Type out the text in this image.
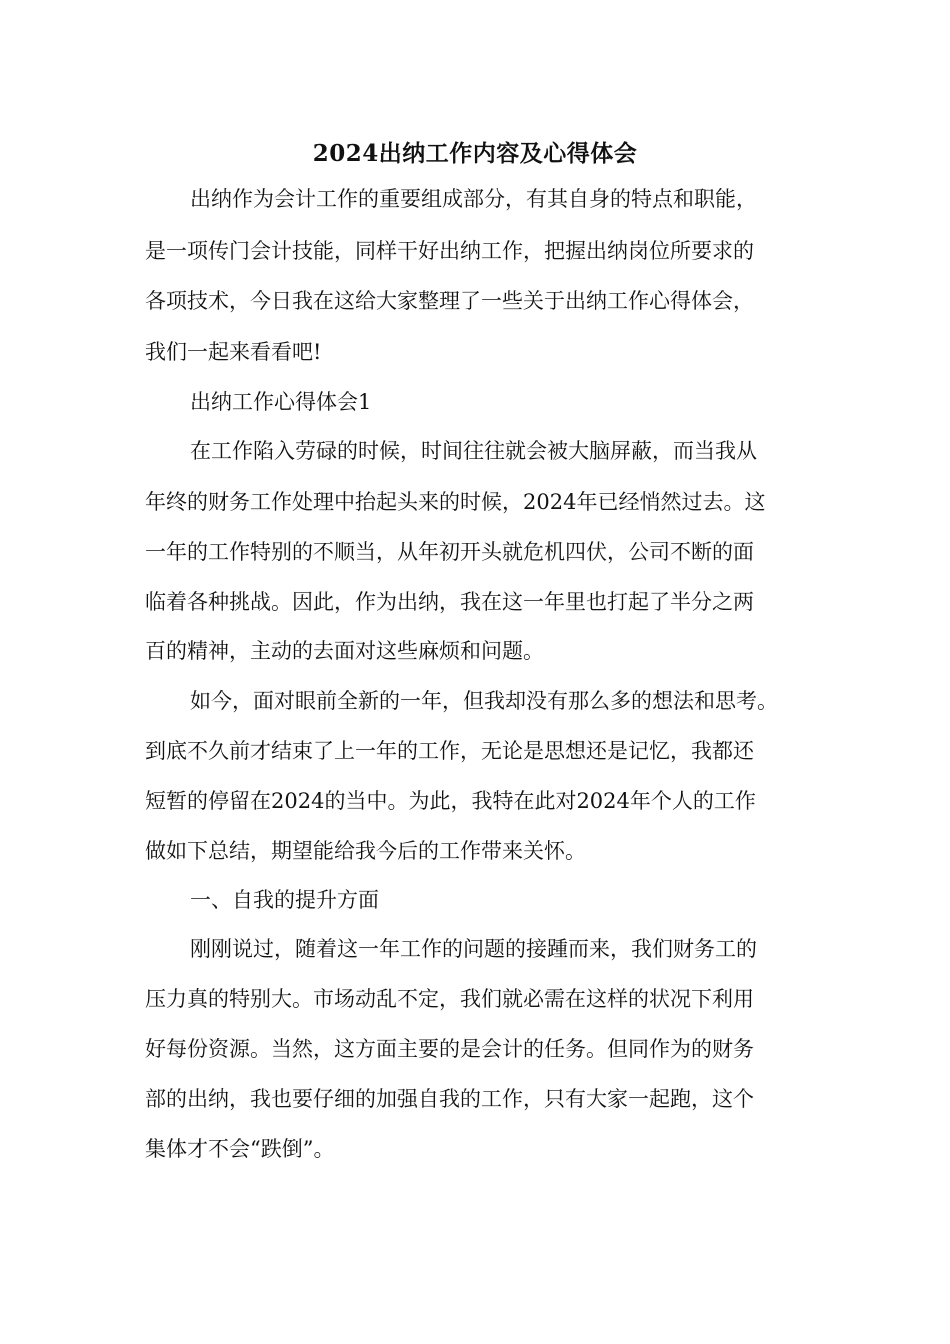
2024出纳工作内容及心得体会
出纳作为会计工作的重要组成部分，有其自身的特点和职能，
是一项传门会计技能，同样干好出纳工作，把握出纳岗位所要求的
各项技术，今日我在这给大家整理了一些关于出纳工作心得体会，
我们一起来看看吧!
出纳工作心得体会1
在工作陷入劳碌的时候，时间往往就会被大脑屏蔽，而当我从
年终的财务工作处理中抬起头来的时候，2024年已经悄然过去。这
一年的工作特别的不顺当，从年初开头就危机四伏，公司不断的面
临着各种挑战。因此，作为出纳，我在这一年里也打起了半分之两
百的精神，主动的去面对这些麻烦和问题。
如今，面对眼前全新的一年，但我却没有那么多的想法和思考。
到底不久前才结束了上一年的工作，无论是思想还是记忆，我都还
短暂的停留在2024的当中。为此，我特在此对2024年个人的工作
做如下总结，期望能给我今后的工作带来关怀。
一、自我的提升方面
刚刚说过，随着这一年工作的问题的接踵而来，我们财务工的
压力真的特别大。市场动乱不定，我们就必需在这样的状况下利用
好每份资源。当然，这方面主要的是会计的任务。但同作为的财务
部的出纳，我也要仔细的加强自我的工作，只有大家一起跑，这个
集体才不会“跌倒”。
